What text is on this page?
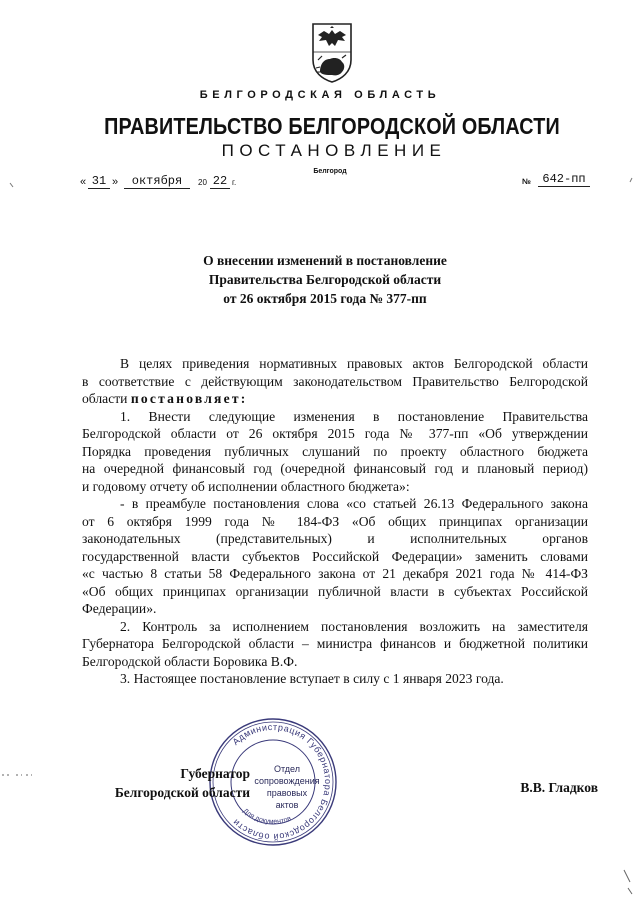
БЕЛГОРОДСКАЯ ОБЛАСТЬ
ПРАВИТЕЛЬСТВО БЕЛГОРОДСКОЙ ОБЛАСТИ
ПОСТАНОВЛЕНИЕ
Белгород
« 31 »	октября	20 22 г.	№ 642-пп
О внесении изменений в постановление
Правительства Белгородской области
от 26 октября 2015 года № 377-пп
В целях приведения нормативных правовых актов Белгородской области
в соответствие с действующим законодательством Правительство Белгородской
области постановляет:
1. Внести следующие изменения в постановление Правительства
Белгородской области от 26 октября 2015 года № 377-пп «Об утверждении
Порядка проведения публичных слушаний по проекту областного бюджета
на очередной финансовый год (очередной финансовый год и плановый период)
и годовому отчету об исполнении областного бюджета»:
- в преамбуле постановления слова «со статьей 26.13 Федерального закона
от 6 октября 1999 года № 184-ФЗ «Об общих принципах организации
законодательных (представительных) и исполнительных органов
государственной власти субъектов Российской Федерации» заменить словами
«с частью 8 статьи 58 Федерального закона от 21 декабря 2021 года № 414-ФЗ
«Об общих принципах организации публичной власти в субъектах Российской
Федерации».
2. Контроль за исполнением постановления возложить на заместителя
Губернатора Белгородской области – министра финансов и бюджетной политики
Белгородской области Боровика В.Ф.
3. Настоящее постановление вступает в силу с 1 января 2023 года.
Администрация Губернатора Белгородской области
Для документов
Отдел
сопровождения
правовых
актов
Губернатор
Белгородской области	В.В. Гладков
